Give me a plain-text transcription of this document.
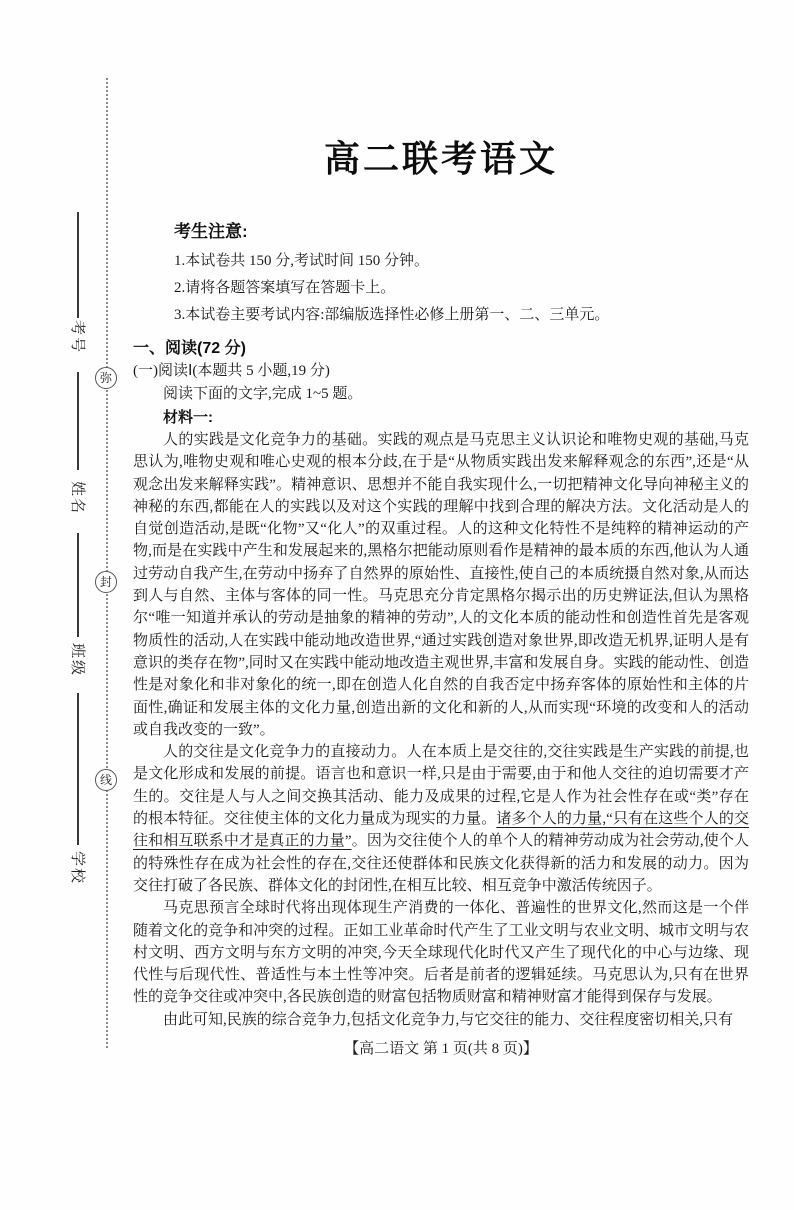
考号
姓名
班级
学校
弥
封
线
高二联考语文
考生注意:
1.本试卷共 150 分,考试时间 150 分钟。
2.请将各题答案填写在答题卡上。
3.本试卷主要考试内容:部编版选择性必修上册第一、二、三单元。
一、阅读(72 分)
(一)阅读Ⅰ(本题共 5 小题,19 分)
阅读下面的文字,完成 1~5 题。
材料一:

人的实践是文化竞争力的基础。实践的观点是马克思主义认识论和唯物史观的基础,马克思认为,唯物史观和唯心史观的根本分歧,在于是“从物质实践出发来解释观念的东西”,还是“从观念出发来解释实践”。精神意识、思想并不能自我实现什么,一切把精神文化导向神秘主义的神秘的东西,都能在人的实践以及对这个实践的理解中找到合理的解决方法。文化活动是人的自觉创造活动,是既“化物”又“化人”的双重过程。人的这种文化特性不是纯粹的精神运动的产物,而是在实践中产生和发展起来的,黑格尔把能动原则看作是精神的最本质的东西,他认为人通过劳动自我产生,在劳动中扬弃了自然界的原始性、直接性,使自己的本质统摄自然对象,从而达到人与自然、主体与客体的同一性。马克思充分肯定黑格尔揭示出的历史辨证法,但认为黑格尔“唯一知道并承认的劳动是抽象的精神的劳动”,人的文化本质的能动性和创造性首先是客观物质性的活动,人在实践中能动地改造世界,“通过实践创造对象世界,即改造无机界,证明人是有意识的类存在物”,同时又在实践中能动地改造主观世界,丰富和发展自身。实践的能动性、创造性是对象化和非对象化的统一,即在创造人化自然的自我否定中扬弃客体的原始性和主体的片面性,确证和发展主体的文化力量,创造出新的文化和新的人,从而实现“环境的改变和人的活动或自我改变的一致”。

人的交往是文化竞争力的直接动力。人在本质上是交往的,交往实践是生产实践的前提,也是文化形成和发展的前提。语言也和意识一样,只是由于需要,由于和他人交往的迫切需要才产生的。交往是人与人之间交换其活动、能力及成果的过程,它是人作为社会性存在或“类”存在的根本特征。交往使主体的文化力量成为现实的力量。诸多个人的力量,“只有在这些个人的交往和相互联系中才是真正的力量”。因为交往使个人的单个人的精神劳动成为社会劳动,使个人的特殊性存在成为社会性的存在,交往还使群体和民族文化获得新的活力和发展的动力。因为交往打破了各民族、群体文化的封闭性,在相互比较、相互竞争中激活传统因子。

马克思预言全球时代将出现体现生产消费的一体化、普遍性的世界文化,然而这是一个伴随着文化的竞争和冲突的过程。正如工业革命时代产生了工业文明与农业文明、城市文明与农村文明、西方文明与东方文明的冲突,今天全球现代化时代又产生了现代化的中心与边缘、现代性与后现代性、普适性与本土性等冲突。后者是前者的逻辑延续。马克思认为,只有在世界性的竞争交往或冲突中,各民族创造的财富包括物质财富和精神财富才能得到保存与发展。

由此可知,民族的综合竞争力,包括文化竞争力,与它交往的能力、交往程度密切相关,只有

【高二语文 第 1 页(共 8 页)】
